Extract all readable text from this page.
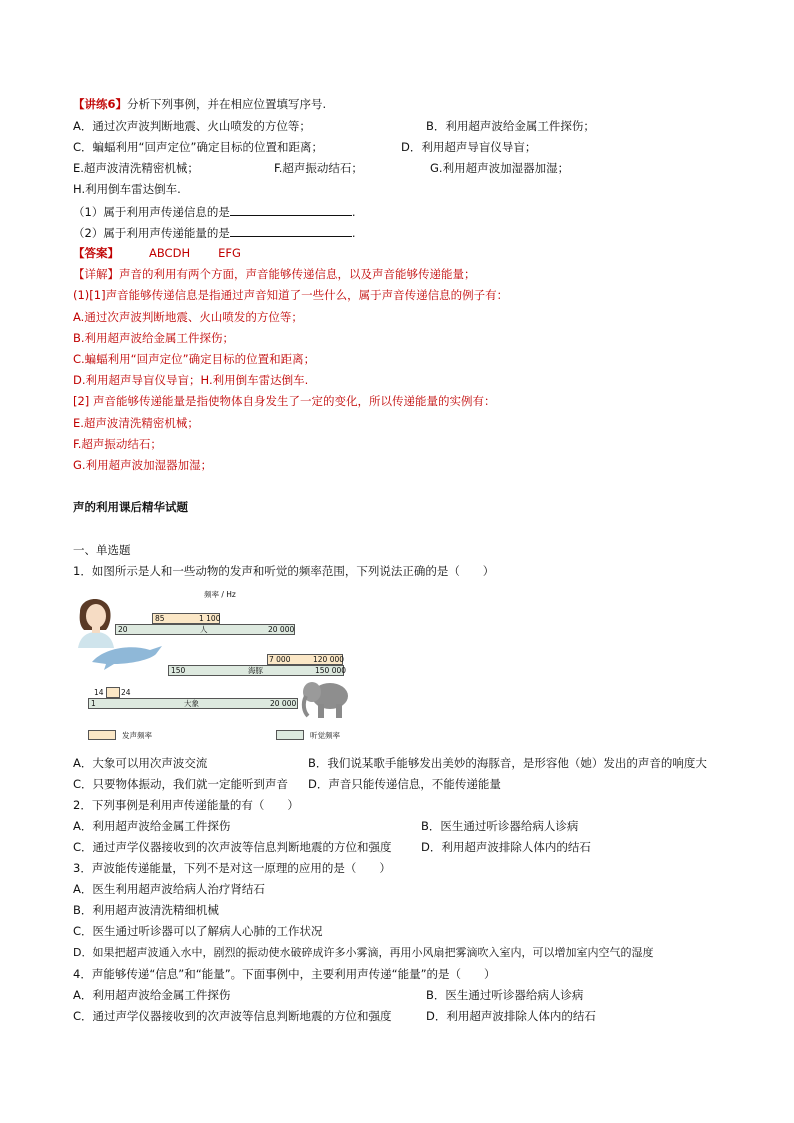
【讲练6】分析下列事例，并在相应位置填写序号.
A．通过次声波判断地震、火山喷发的方位等；	B．利用超声波给金属工件探伤；
C．蝙蝠利用“回声定位”确定目标的位置和距离；	D．利用超声导盲仪导盲；
E.超声波清洗精密机械；	F.超声振动结石；	G.利用超声波加湿器加湿；
H.利用倒车雷达倒车.
（1）属于利用声传递信息的是	.
（2）属于利用声传递能量的是	.
【答案】	ABCDH EFG
【详解】声音的利用有两个方面，声音能够传递信息，以及声音能够传递能量；
(1)[1]声音能够传递信息是指通过声音知道了一些什么，属于声音传递信息的例子有：
A.通过次声波判断地震、火山喷发的方位等；
B.利用超声波给金属工件探伤；
C.蝙蝠利用“回声定位”确定目标的位置和距离；
D.利用超声导盲仪导盲；H.利用倒车雷达倒车.
[2] 声音能够传递能量是指使物体自身发生了一定的变化，所以传递能量的实例有：
E.超声波清洗精密机械；
F.超声振动结石；
G.利用超声波加湿器加湿；
声的利用课后精华试题
一、单选题
1．如图所示是人和一些动物的发声和听觉的频率范围，下列说法正确的是（　　）
频率 / Hz
85	1 100
20	人	20 000
7 000	120 000
150	海豚	150 000
14 24
1	大象	20 000
发声频率	听觉频率
A．大象可以用次声波交流	B．我们说某歌手能够发出美妙的海豚音，是形容他（她）发出的声音的响度大
C．只要物体振动，我们就一定能听到声音 D．声音只能传递信息，不能传递能量
2．下列事例是利用声传递能量的有（　　）
A．利用超声波给金属工件探伤	B．医生通过听诊器给病人诊病
C．通过声学仪器接收到的次声波等信息判断地震的方位和强度	D．利用超声波排除人体内的结石
3．声波能传递能量，下列不是对这一原理的应用的是（　　）
A．医生利用超声波给病人治疗肾结石
B．利用超声波清洗精细机械
C．医生通过听诊器可以了解病人心肺的工作状况
D．如果把超声波通入水中，剧烈的振动使水破碎成许多小雾滴，再用小风扇把雾滴吹入室内，可以增加室内空气的湿度
4．声能够传递“信息”和“能量”。下面事例中，主要利用声传递“能量”的是（　　）
A．利用超声波给金属工件探伤	B．医生通过听诊器给病人诊病
C．通过声学仪器接收到的次声波等信息判断地震的方位和强度	D．利用超声波排除人体内的结石
